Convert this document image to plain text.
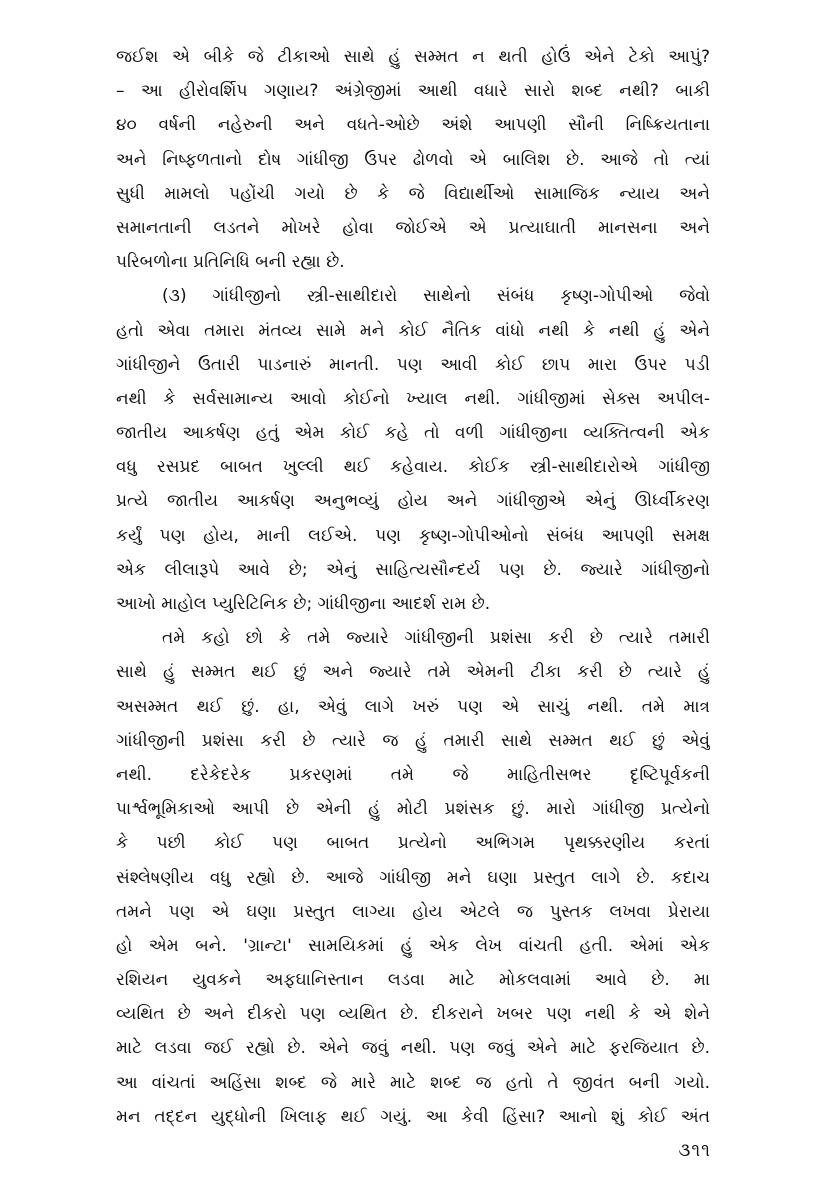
જઈશ એ બીકે જે ટીકાઓ સાથે હું સમ્મત ન થતી હોઉં એને ટેકો આપું?
– આ હીરોવર્શિપ ગણાય? અંગ્રેજીમાં આથી વધારે સારો શબ્દ નથી? બાકી
૪૦ વર્ષની નહેરુની અને વધતે-ઓછે અંશે આપણી સૌની નિષ્ક્રિયતાના
અને નિષ્ફળતાનો દોષ ગાંધીજી ઉપર ઢોળવો એ બાલિશ છે. આજે તો ત્યાં
સુધી મામલો પહોંચી ગયો છે કે જે વિદ્યાર્થીઓ સામાજિક ન્યાય અને
સમાનતાની લડતને મોખરે હોવા જોઈએ એ પ્રત્યાઘાતી માનસના અને
પરિબળોના પ્રતિનિધિ બની રહ્યા છે.
(૩) ગાંધીજીનો સ્ત્રી-સાથીદારો સાથેનો સંબંધ કૃષ્ણ-ગોપીઓ જેવો
હતો એવા તમારા મંતવ્ય સામે મને કોઈ નૈતિક વાંધો નથી કે નથી હું એને
ગાંધીજીને ઉતારી પાડનારું માનતી. પણ આવી કોઈ છાપ મારા ઉપર પડી
નથી કે સર્વસામાન્ય આવો કોઈનો ખ્યાલ નથી. ગાંધીજીમાં સેક્સ અપીલ-
જાતીય આકર્ષણ હતું એમ કોઈ કહે તો વળી ગાંધીજીના વ્યક્તિત્વની એક
વધુ રસપ્રદ બાબત ખુલ્લી થઈ કહેવાય. કોઈક સ્ત્રી-સાથીદારોએ ગાંધીજી
પ્રત્યે જાતીય આકર્ષણ અનુભવ્યું હોય અને ગાંધીજીએ એનું ઊર્ધ્વીકરણ
કર્યું પણ હોય, માની લઈએ. પણ કૃષ્ણ-ગોપીઓનો સંબંધ આપણી સમક્ષ
એક લીલારૂપે આવે છે; એનું સાહિત્યસૌન્દર્ય પણ છે. જ્યારે ગાંધીજીનો
આખો માહોલ પ્યુરિટિનિક છે; ગાંધીજીના આદર્શ રામ છે.
તમે કહો છો કે તમે જ્યારે ગાંધીજીની પ્રશંસા કરી છે ત્યારે તમારી
સાથે હું સમ્મત થઈ છું અને જ્યારે તમે એમની ટીકા કરી છે ત્યારે હું
અસમ્મત થઈ છું. હા, એવું લાગે ખરું પણ એ સાચું નથી. તમે માત્ર
ગાંધીજીની પ્રશંસા કરી છે ત્યારે જ હું તમારી સાથે સમ્મત થઈ છું એવું
નથી. દરેકેદરેક પ્રકરણમાં તમે જે માહિતીસભર દૃષ્ટિપૂર્વકની
પાર્શ્વભૂમિકાઓ આપી છે એની હું મોટી પ્રશંસક છું. મારો ગાંધીજી પ્રત્યેનો
કે પછી કોઈ પણ બાબત પ્રત્યેનો અભિગમ પૃથક્કરણીય કરતાં
સંશ્લેષણીય વધુ રહ્યો છે. આજે ગાંધીજી મને ઘણા પ્રસ્તુત લાગે છે. કદાચ
તમને પણ એ ઘણા પ્રસ્તુત લાગ્યા હોય એટલે જ પુસ્તક લખવા પ્રેરાયા
હો એમ બને. 'ગ્રાન્ટા' સામયિકમાં હું એક લેખ વાંચતી હતી. એમાં એક
રશિયન યુવકને અફઘાનિસ્તાન લડવા માટે મોકલવામાં આવે છે. મા
વ્યથિત છે અને દીકરો પણ વ્યથિત છે. દીકરાને ખબર પણ નથી કે એ શેને
માટે લડવા જઈ રહ્યો છે. એને જવું નથી. પણ જવું એને માટે ફરજિયાત છે.
આ વાંચતાં અહિંસા શબ્દ જે મારે માટે શબ્દ જ હતો તે જીવંત બની ગયો.
મન તદ્દન યુદ્ધોની ખિલાફ થઈ ગયું. આ કેવી હિંસા? આનો શું કોઈ અંત
૩૧૧
